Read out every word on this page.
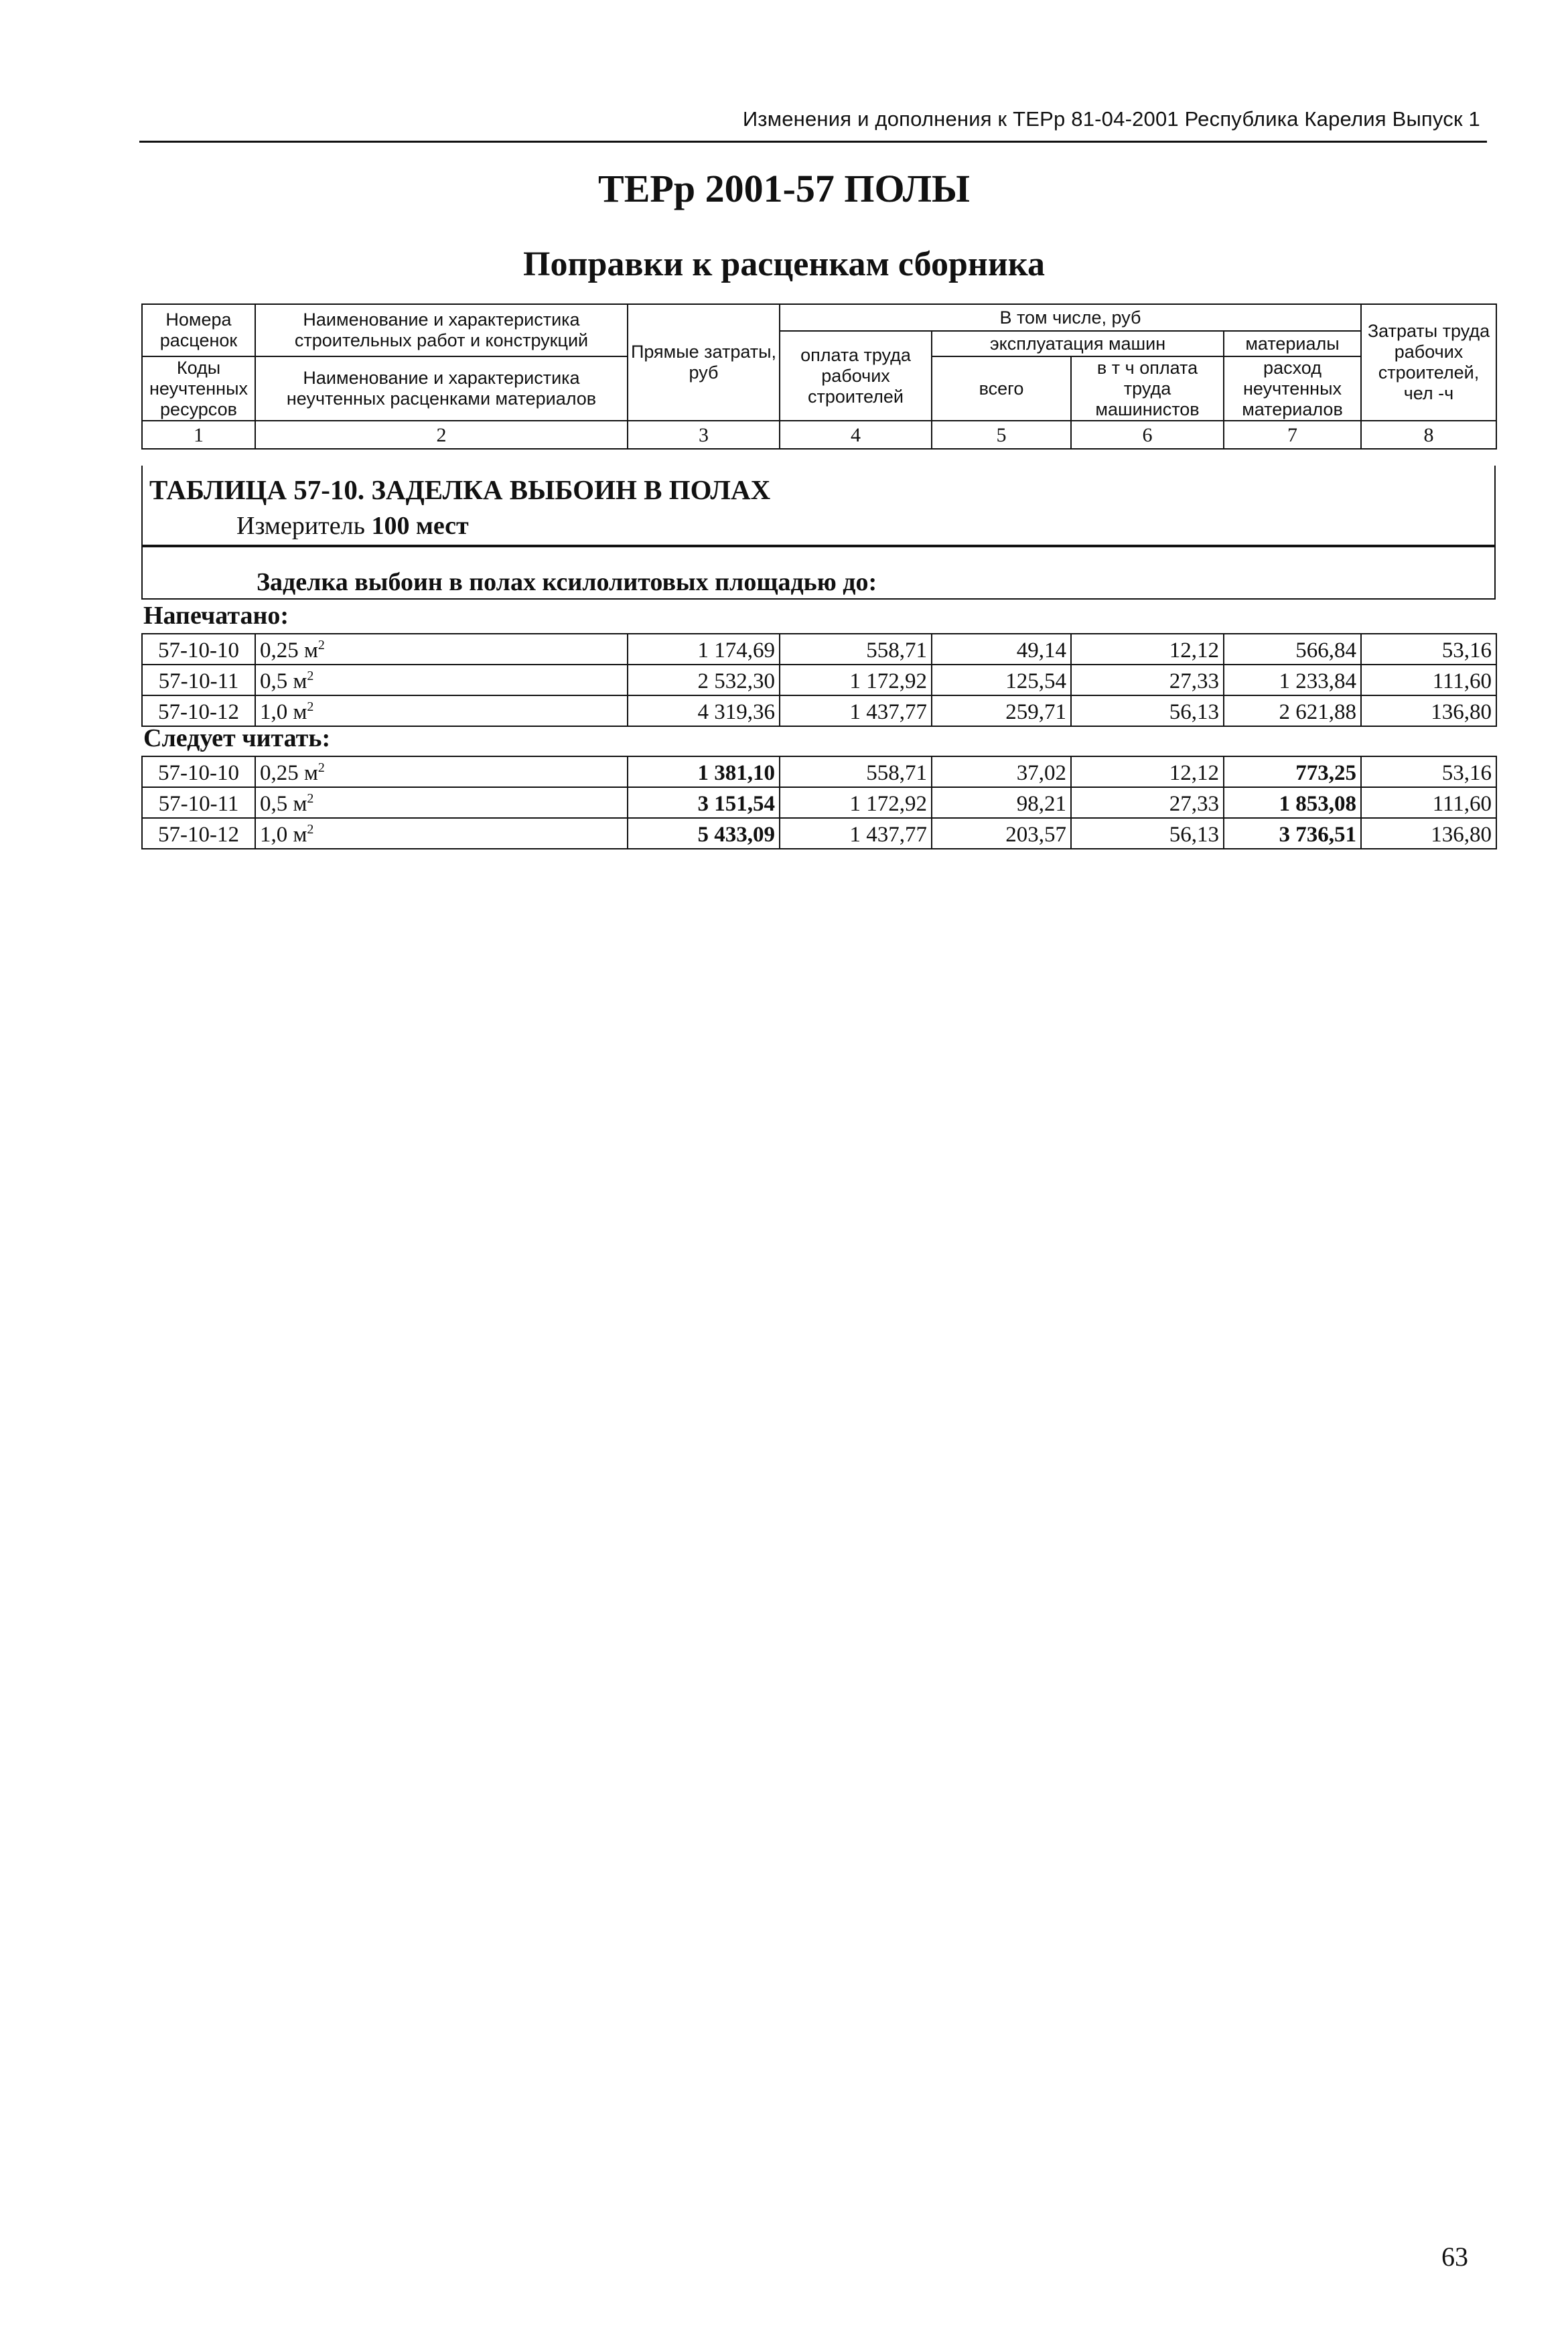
Изменения и дополнения к ТЕРр 81-04-2001 Республика Карелия Выпуск 1
ТЕРр 2001-57 ПОЛЫ
Поправки к расценкам сборника
Номера расценок	Наименование и характеристика строительных работ и конструкций	Прямые затраты, руб	В том числе, руб				Затраты труда рабочих строителей, чел -ч
			оплата труда рабочих строителей	эксплуатация машин		материалы	
Коды неучтенных ресурсов	Наименование и характеристика неучтенных расценками материалов			всего	в т ч оплата труда машинистов	расход неучтенных материалов	

1	2	3	4	5	6	7	8
ТАБЛИЦА 57-10. ЗАДЕЛКА ВЫБОИН В ПОЛАХ
Измеритель 100 мест
Заделка выбоин в полах ксилолитовых площадью до:
Напечатано:
57-10-10	0,25 $м^2$	1 174,69	558,71	49,14	12,12	566,84	53,16
57-10-11	0,5 $м^2$	2 532,30	1 172,92	125,54	27,33	1 233,84	111,60
57-10-12	1,0 $м^2$	4 319,36	1 437,77	259,71	56,13	2 621,88	136,80
Следует читать:
57-10-10	0,25 $м^2$	1 381,10	558,71	37,02	12,12	773,25	53,16
57-10-11	0,5 $м^2$	3 151,54	1 172,92	98,21	27,33	1 853,08	111,60
57-10-12	1,0 $м^2$	5 433,09	1 437,77	203,57	56,13	3 736,51	136,80
63
